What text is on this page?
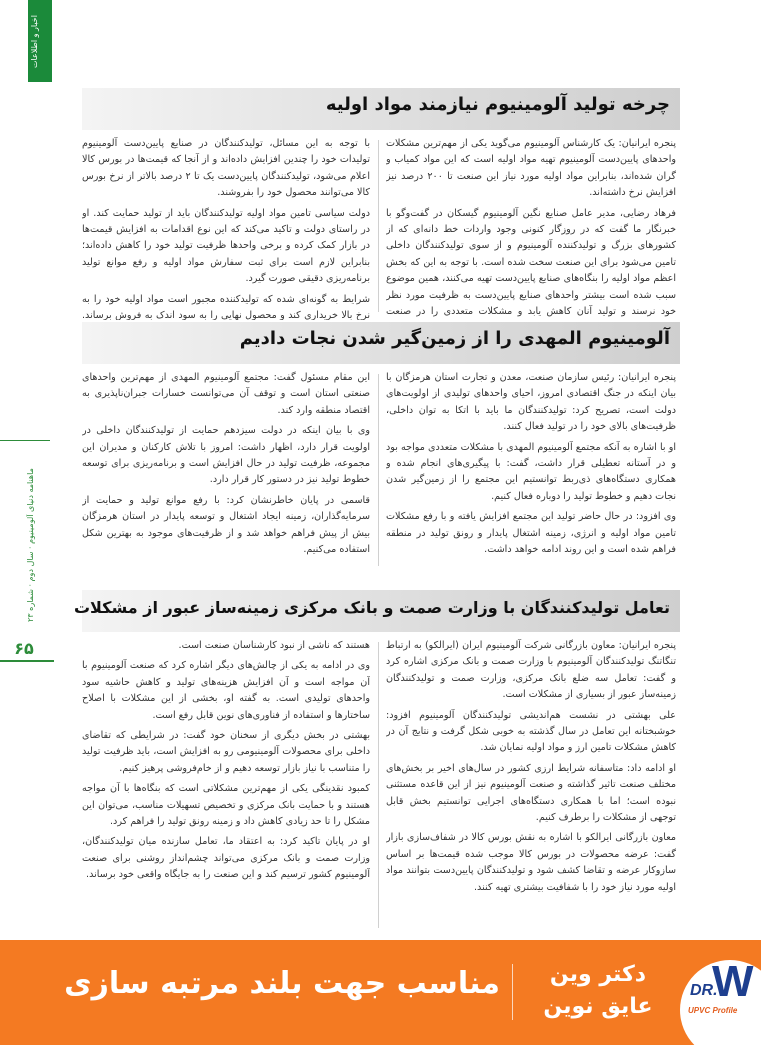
اخبار و اطلاعات
ماهنامه دنیای آلومینیوم · سال دوم · شماره ۲۳
۶۵
چرخه تولید آلومینیوم نیازمند مواد اولیه

پنجره ایرانیان: یک کارشناس آلومینیوم می‌گوید یکی از مهم‌ترین مشکلات واحدهای پایین‌دست آلومینیوم تهیه مواد اولیه است که این مواد کمیاب و گران شده‌اند، بنابراین مواد اولیه مورد نیاز این صنعت تا ۲۰۰ درصد نیز افزایش نرخ داشته‌اند.

فرهاد رضایی، مدیر عامل صنایع نگین آلومینیوم گیسکان در گفت‌وگو با خبرنگار ما گفت که در روزگار کنونی وجود واردات خط دانه‌ای که از کشورهای بزرگ و تولیدکننده آلومینیوم و از سوی تولیدکنندگان داخلی تامین می‌شود برای این صنعت سخت شده است. با توجه به این که بخش اعظم مواد اولیه را بنگاه‌های صنایع پایین‌دست تهیه می‌کنند، همین موضوع سبب شده است بیشتر واحدهای صنایع پایین‌دست به ظرفیت مورد نظر خود نرسند و تولید آنان کاهش یابد و مشکلات متعددی را در صنعت

با توجه به این مسائل، تولیدکنندگان در صنایع پایین‌دست آلومینیوم تولیدات خود را چندین افزایش داده‌اند و از آنجا که قیمت‌ها در بورس کالا اعلام می‌شود، تولیدکنندگان پایین‌دست یک تا ۲ درصد بالاتر از نرخ بورس کالا می‌توانند محصول خود را بفروشند.

دولت سیاسی تامین مواد اولیه تولیدکنندگان باید از تولید حمایت کند. او در راستای دولت و تاکید می‌کند که این نوع اقدامات به افزایش قیمت‌ها در بازار کمک کرده و برخی واحدها ظرفیت تولید خود را کاهش داده‌اند؛ بنابراین لازم است برای ثبت سفارش مواد اولیه و رفع موانع تولید برنامه‌ریزی دقیقی صورت گیرد.

شرایط به گونه‌ای شده که تولیدکننده مجبور است مواد اولیه خود را به نرخ بالا خریداری کند و محصول نهایی را به سود اندک به فروش برساند.

آلومینیوم المهدی را از زمین‌گیر شدن نجات دادیم

پنجره ایرانیان: رئیس سازمان صنعت، معدن و تجارت استان هرمزگان با بیان اینکه در جنگ اقتصادی امروز، احیای واحدهای تولیدی از اولویت‌های دولت است، تصریح کرد: تولیدکنندگان ما باید با اتکا به توان داخلی، ظرفیت‌های بالای خود را در تولید فعال کنند.

او با اشاره به آنکه مجتمع آلومینیوم المهدی با مشکلات متعددی مواجه بود و در آستانه تعطیلی قرار داشت، گفت: با پیگیری‌های انجام شده و همکاری دستگاه‌های ذی‌ربط توانستیم این مجتمع را از زمین‌گیر شدن نجات دهیم و خطوط تولید را دوباره فعال کنیم.

وی افزود: در حال حاضر تولید این مجتمع افزایش یافته و با رفع مشکلات تامین مواد اولیه و انرژی، زمینه اشتغال پایدار و رونق تولید در منطقه فراهم شده است و این روند ادامه خواهد داشت.

این مقام مسئول گفت: مجتمع آلومینیوم المهدی از مهم‌ترین واحدهای صنعتی استان است و توقف آن می‌توانست خسارات جبران‌ناپذیری به اقتصاد منطقه وارد کند.

وی با بیان اینکه در دولت سیزدهم حمایت از تولیدکنندگان داخلی در اولویت قرار دارد، اظهار داشت: امروز با تلاش کارکنان و مدیران این مجموعه، ظرفیت تولید در حال افزایش است و برنامه‌ریزی برای توسعه خطوط تولید نیز در دستور کار قرار دارد.

قاسمی در پایان خاطرنشان کرد: با رفع موانع تولید و حمایت از سرمایه‌گذاران، زمینه ایجاد اشتغال و توسعه پایدار در استان هرمزگان بیش از پیش فراهم خواهد شد و از ظرفیت‌های موجود به بهترین شکل استفاده می‌کنیم.

تعامل تولیدکنندگان با وزارت صمت و بانک مرکزی زمینه‌ساز عبور از مشکلات

پنجره ایرانیان: معاون بازرگانی شرکت آلومینیوم ایران (ایرالکو) به ارتباط تنگاتنگ تولیدکنندگان آلومینیوم با وزارت صمت و بانک مرکزی اشاره کرد و گفت: تعامل سه ضلع بانک مرکزی، وزارت صمت و تولیدکنندگان زمینه‌ساز عبور از بسیاری از مشکلات است.

علی بهشتی در نشست هم‌اندیشی تولیدکنندگان آلومینیوم افزود: خوشبختانه این تعامل در سال گذشته به خوبی شکل گرفت و نتایج آن در کاهش مشکلات تامین ارز و مواد اولیه نمایان شد.

او ادامه داد: متاسفانه شرایط ارزی کشور در سال‌های اخیر بر بخش‌های مختلف صنعت تاثیر گذاشته و صنعت آلومینیوم نیز از این قاعده مستثنی نبوده است؛ اما با همکاری دستگاه‌های اجرایی توانستیم بخش قابل توجهی از مشکلات را برطرف کنیم.

معاون بازرگانی ایرالکو با اشاره به نقش بورس کالا در شفاف‌سازی بازار گفت: عرضه محصولات در بورس کالا موجب شده قیمت‌ها بر اساس سازوکار عرضه و تقاضا کشف شود و تولیدکنندگان پایین‌دست بتوانند مواد اولیه مورد نیاز خود را با شفافیت بیشتری تهیه کنند.

هستند که ناشی از نبود کارشناسان صنعت است.

وی در ادامه به یکی از چالش‌های دیگر اشاره کرد که صنعت آلومینیوم با آن مواجه است و آن افزایش هزینه‌های تولید و کاهش حاشیه سود واحدهای تولیدی است. به گفته او، بخشی از این مشکلات با اصلاح ساختارها و استفاده از فناوری‌های نوین قابل رفع است.

بهشتی در بخش دیگری از سخنان خود گفت: در شرایطی که تقاضای داخلی برای محصولات آلومینیومی رو به افزایش است، باید ظرفیت تولید را متناسب با نیاز بازار توسعه دهیم و از خام‌فروشی پرهیز کنیم.

کمبود نقدینگی یکی از مهم‌ترین مشکلاتی است که بنگاه‌ها با آن مواجه هستند و با حمایت بانک مرکزی و تخصیص تسهیلات مناسب، می‌توان این مشکل را تا حد زیادی کاهش داد و زمینه رونق تولید را فراهم کرد.

او در پایان تاکید کرد: به اعتقاد ما، تعامل سازنده میان تولیدکنندگان، وزارت صمت و بانک مرکزی می‌تواند چشم‌انداز روشنی برای صنعت آلومینیوم کشور ترسیم کند و این صنعت را به جایگاه واقعی خود برساند.

مناسب جهت بلند مرتبه سازی	دکتر وین
عایق نوین
W
DR.
UPVC Profile
